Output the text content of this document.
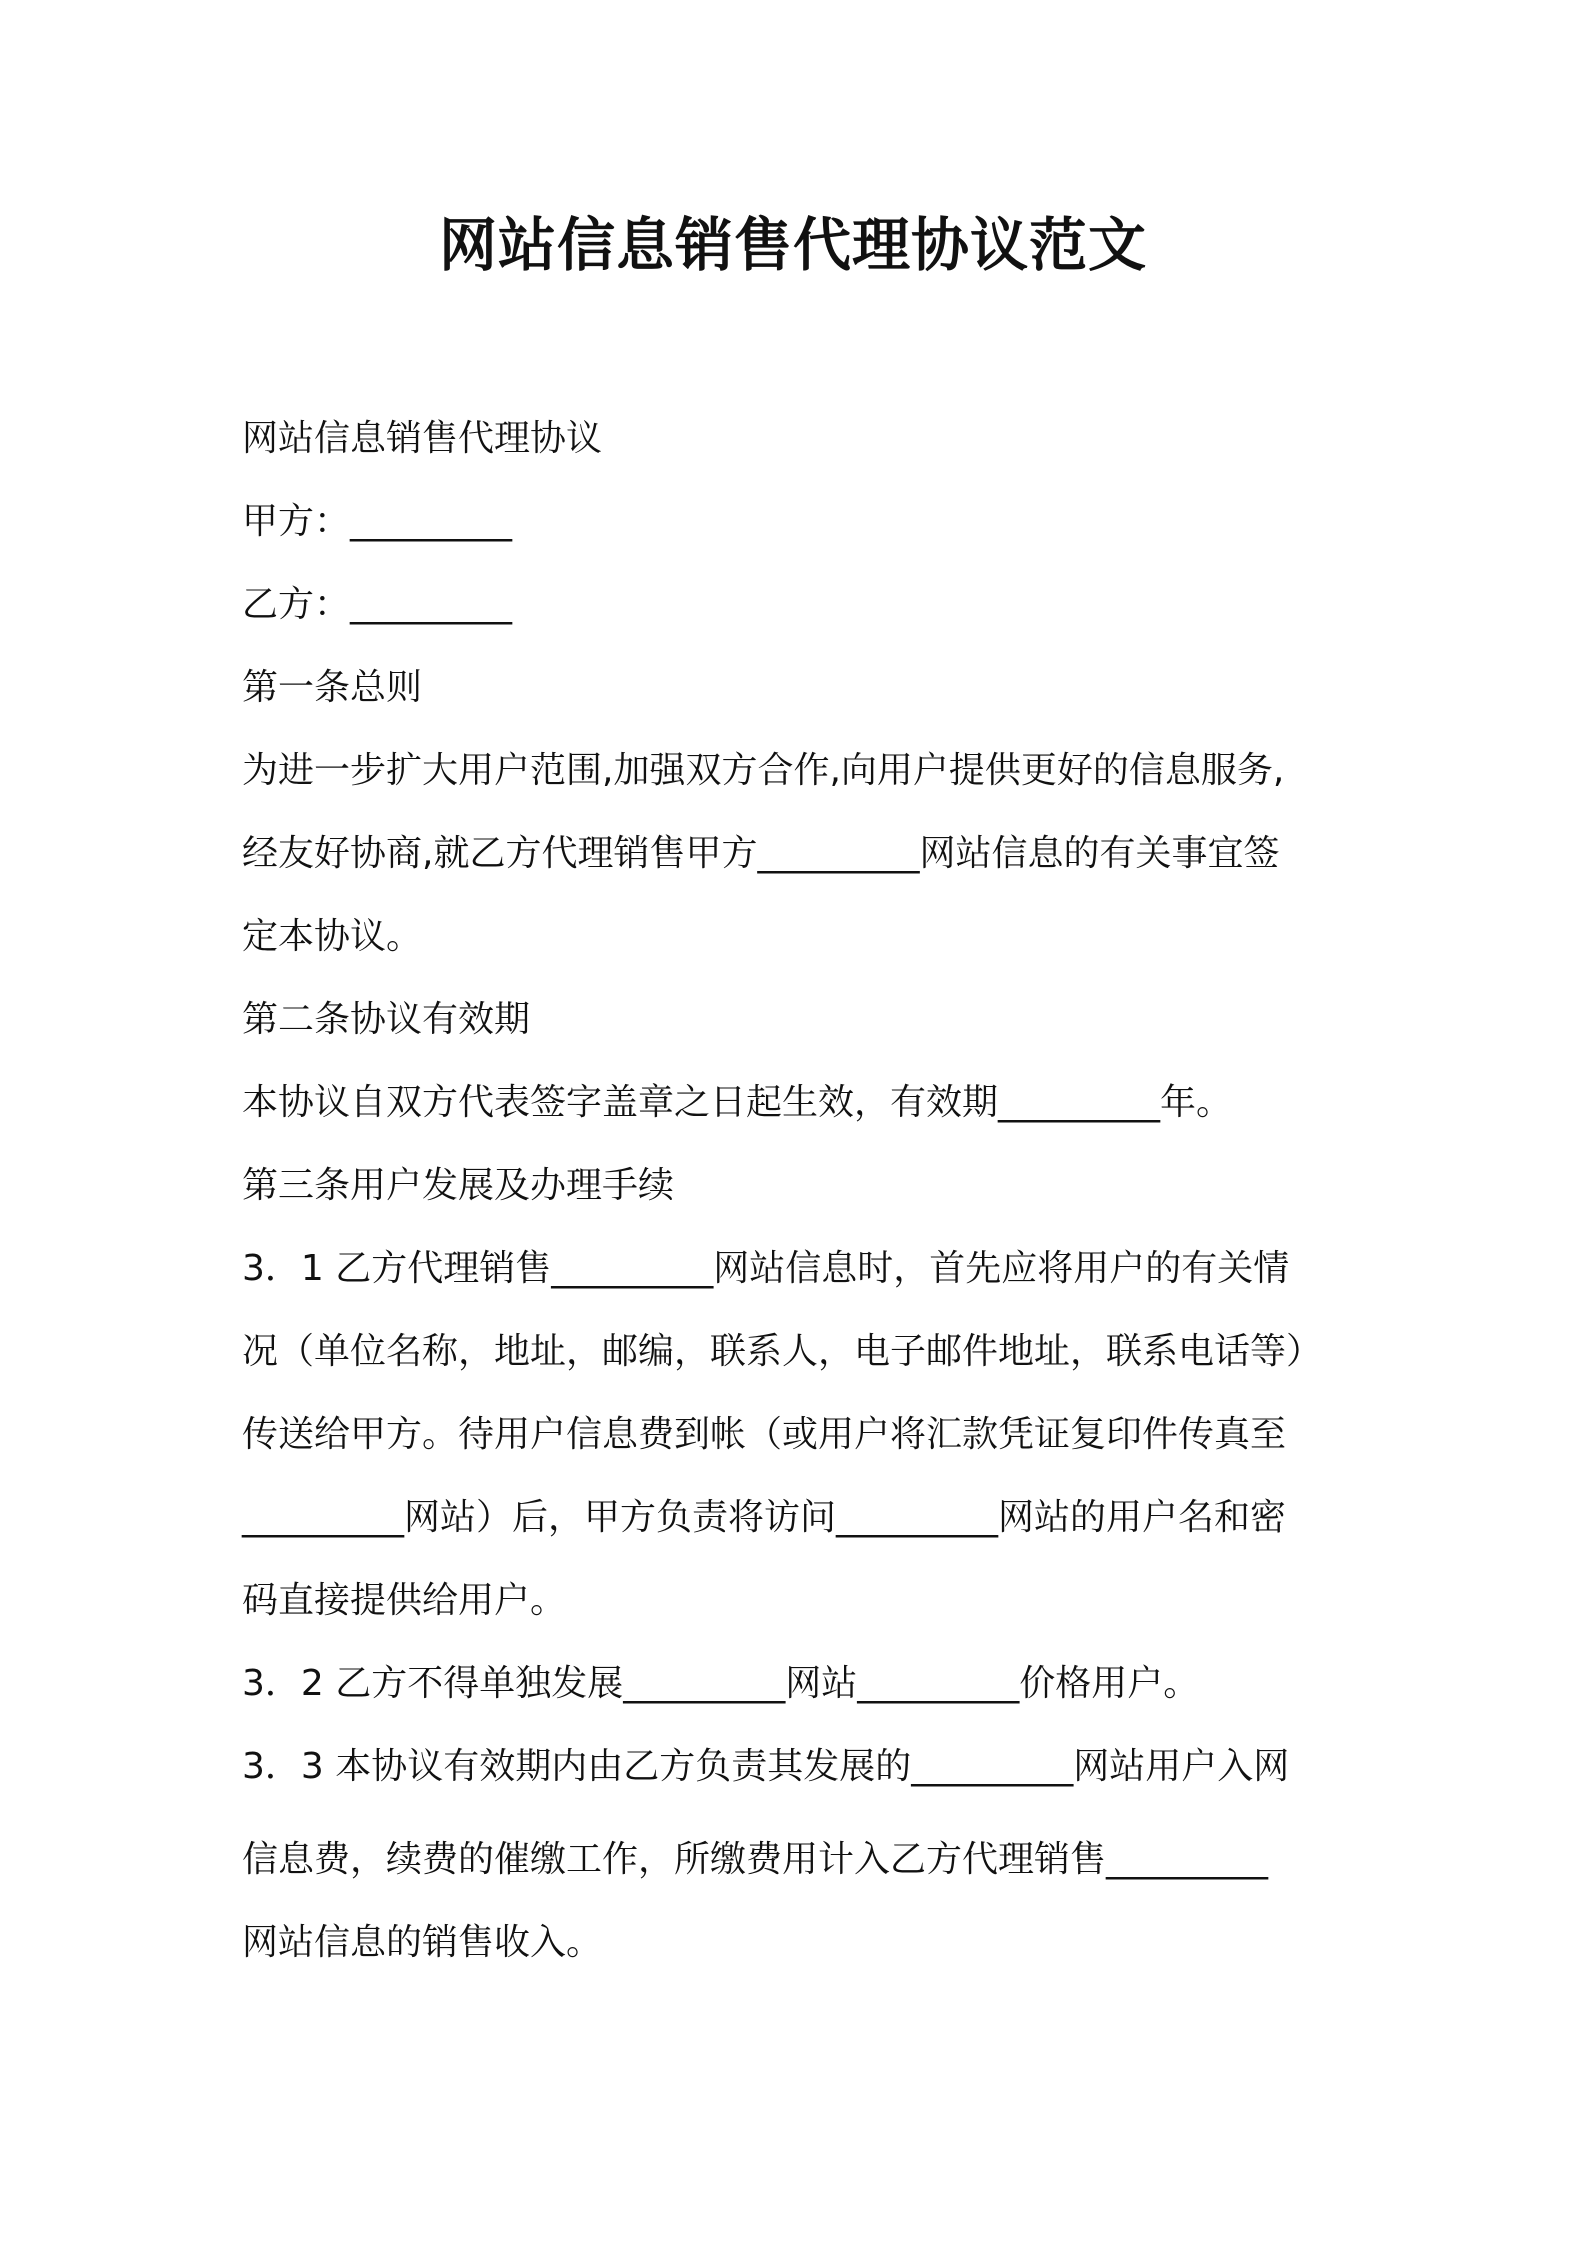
网站信息销售代理协议范文
网站信息销售代理协议
甲方：_________
乙方：_________
第一条总则
为进一步扩大用户范围,加强双方合作,向用户提供更好的信息服务,
经友好协商,就乙方代理销售甲方_________网站信息的有关事宜签
定本协议。
第二条协议有效期
本协议自双方代表签字盖章之日起生效，有效期_________年。
第三条用户发展及办理手续
3．1 乙方代理销售_________网站信息时，首先应将用户的有关情
况（单位名称，地址，邮编，联系人，电子邮件地址，联系电话等）
传送给甲方。待用户信息费到帐（或用户将汇款凭证复印件传真至
_________网站）后，甲方负责将访问_________网站的用户名和密
码直接提供给用户。
3．2 乙方不得单独发展_________网站_________价格用户。
3．3 本协议有效期内由乙方负责其发展的_________网站用户入网
信息费，续费的催缴工作，所缴费用计入乙方代理销售_________
网站信息的销售收入。
